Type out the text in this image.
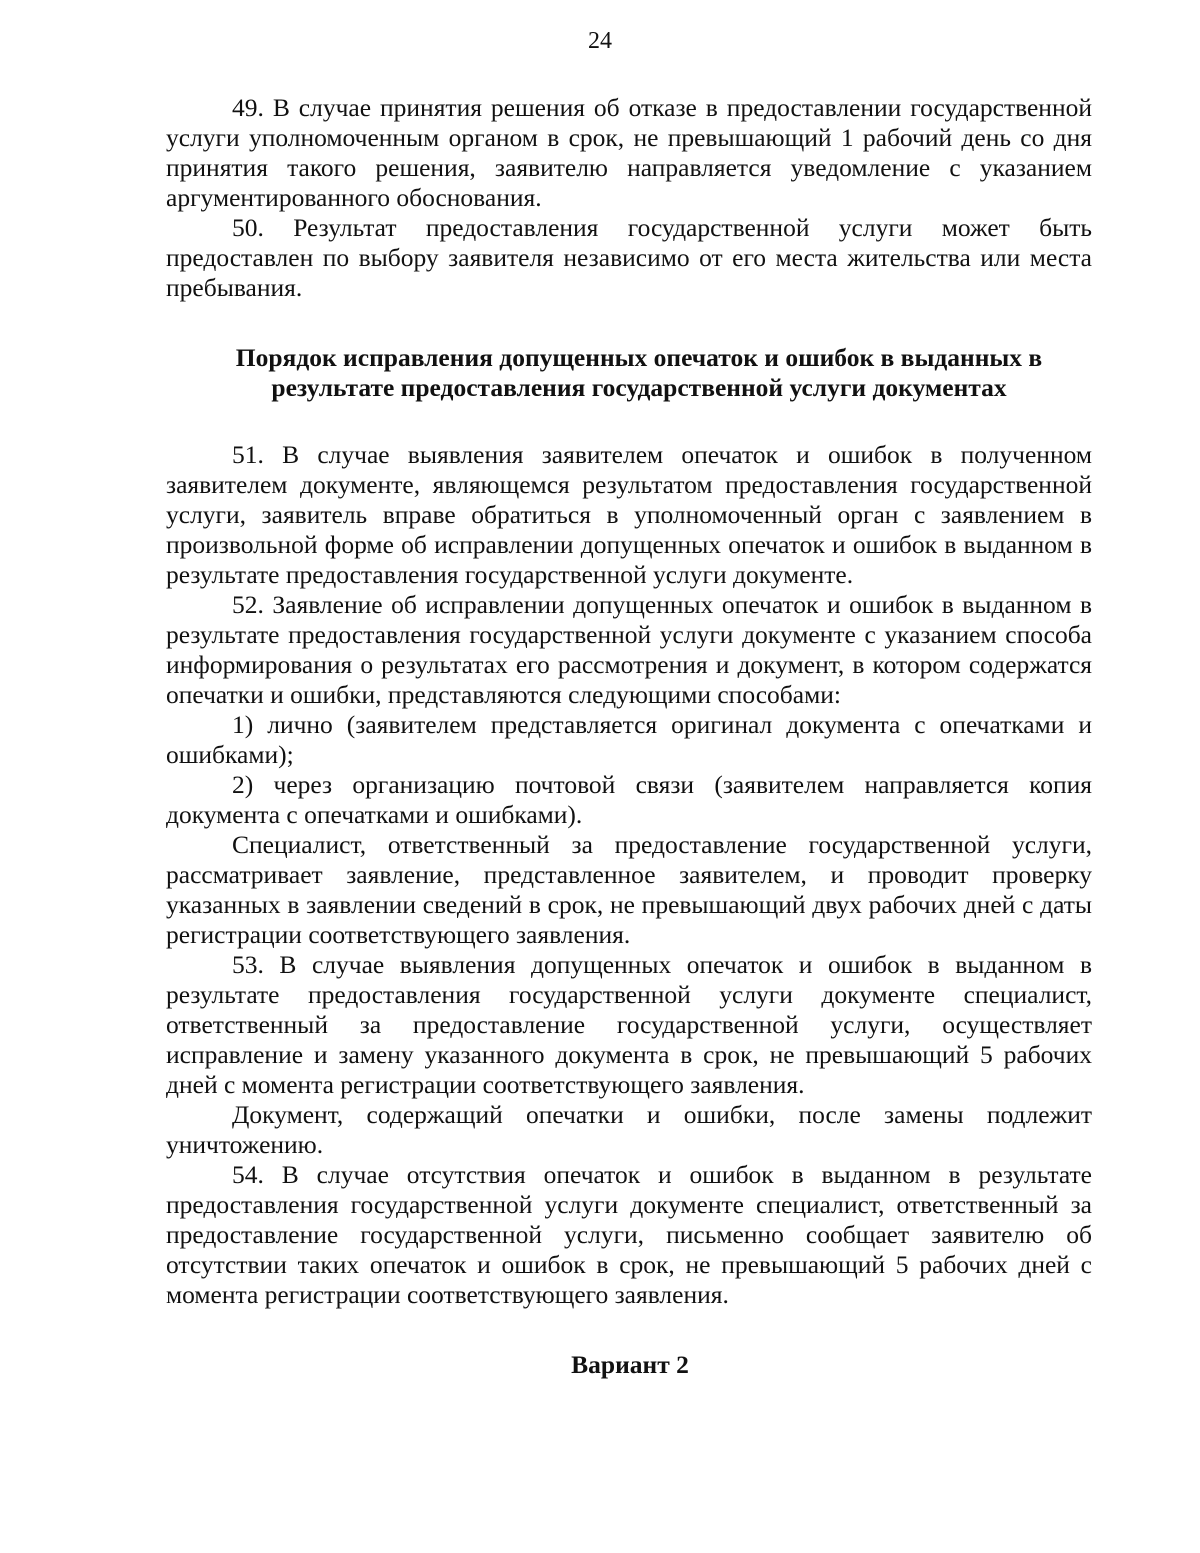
24

49. В случае принятия решения об отказе в предоставлении государственной услуги уполномоченным органом в срок, не превышающий 1 рабочий день со дня принятия такого решения, заявителю направляется уведомление с указанием аргументированного обоснования.

50. Результат предоставления государственной услуги может быть предоставлен по выбору заявителя независимо от его места жительства или места пребывания.

Порядок исправления допущенных опечаток и ошибок в выданных в результате предоставления государственной услуги документах

51. В случае выявления заявителем опечаток и ошибок в полученном заявителем документе, являющемся результатом предоставления государственной услуги, заявитель вправе обратиться в уполномоченный орган с заявлением в произвольной форме об исправлении допущенных опечаток и ошибок в выданном в результате предоставления государственной услуги документе.

52. Заявление об исправлении допущенных опечаток и ошибок в выданном в результате предоставления государственной услуги документе с указанием способа информирования о результатах его рассмотрения и документ, в котором содержатся опечатки и ошибки, представляются следующими способами:

1) лично (заявителем представляется оригинал документа с опечатками и ошибками);

2) через организацию почтовой связи (заявителем направляется копия документа с опечатками и ошибками).

Специалист, ответственный за предоставление государственной услуги, рассматривает заявление, представленное заявителем, и проводит проверку указанных в заявлении сведений в срок, не превышающий двух рабочих дней с даты регистрации соответствующего заявления.

53. В случае выявления допущенных опечаток и ошибок в выданном в результате предоставления государственной услуги документе специалист, ответственный за предоставление государственной услуги, осуществляет исправление и замену указанного документа в срок, не превышающий 5 рабочих дней с момента регистрации соответствующего заявления.

Документ, содержащий опечатки и ошибки, после замены подлежит уничтожению.

54. В случае отсутствия опечаток и ошибок в выданном в результате предоставления государственной услуги документе специалист, ответственный за предоставление государственной услуги, письменно сообщает заявителю об отсутствии таких опечаток и ошибок в срок, не превышающий 5 рабочих дней с момента регистрации соответствующего заявления.

Вариант 2
